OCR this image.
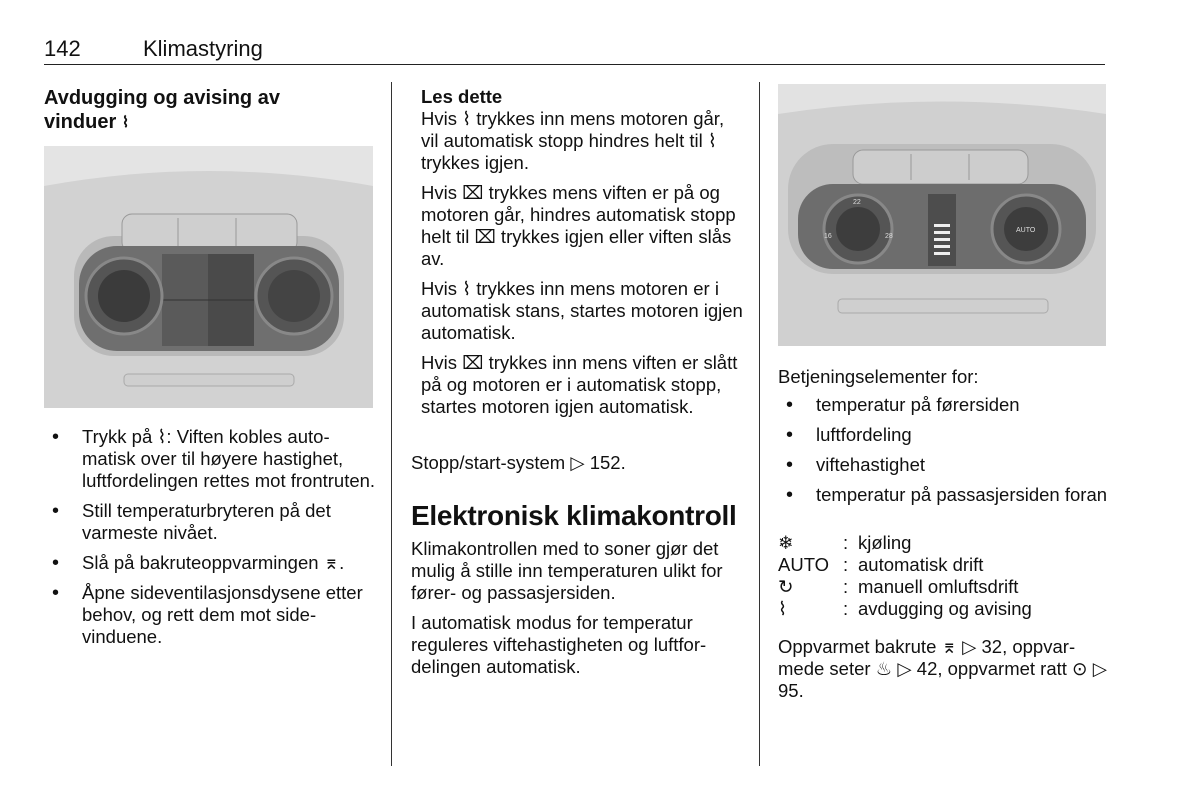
142	Klimastyring
Avdugging og avising av
vinduer ⌇
• Trykk på ⌇: Viften kobles automatisk over til høyere hastighet, luftfordelingen rettes mot frontruten.
• Still temperaturbryteren på det varmeste nivået.
• Slå på bakruteoppvarmingen ⌆.
• Åpne sideventilasjonsdysene etter behov, og rett dem mot sidevinduene.
Les dette

Hvis ⌇ trykkes inn mens motoren går, vil automatisk stopp hindres helt til ⌇ trykkes igjen.

Hvis ⌧ trykkes mens viften er på og motoren går, hindres automatisk stopp helt til ⌧ trykkes igjen eller viften slås av.

Hvis ⌇ trykkes inn mens motoren er i automatisk stans, startes motoren igjen automatisk.

Hvis ⌧ trykkes inn mens viften er slått på og motoren er i automatisk stopp, startes motoren igjen automatisk.

Stopp/start-system ▷ 152.
Elektronisk klimakontroll

Klimakontrollen med to soner gjør det mulig å stille inn temperaturen ulikt for fører- og passasjersiden.

I automatisk modus for temperatur reguleres viftehastigheten og luftfordelingen automatisk.

16
22
28
AUTO
Betjeningselementer for:
• temperatur på førersiden
• luftfordeling
• viftehastighet
• temperatur på passasjersiden foran
❄	: kjøling
AUTO : automatisk drift
↻	: manuell omluftsdrift
⌇	: avdugging og avising
Oppvarmet bakrute ⌆ ▷ 32, oppvarmede seter ♨ ▷ 42, oppvarmet ratt ⊙ ▷ 95.
